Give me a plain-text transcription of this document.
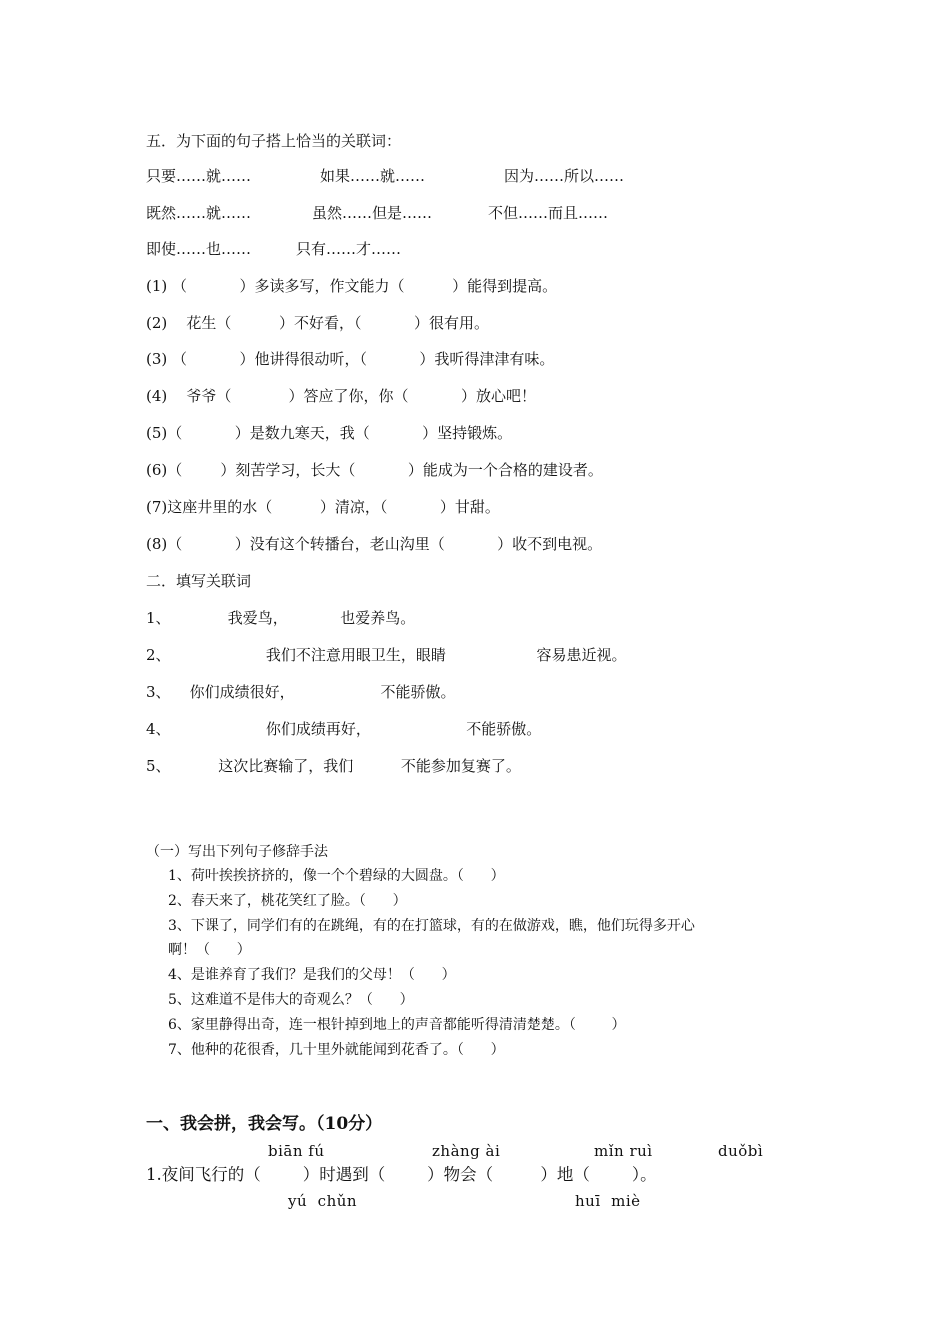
五．为下面的句子搭上恰当的关联词：
只要……就……	如果……就……	因为……所以……
既然……就……	虽然……但是……	不但……而且……
即使……也……	只有……才……
(1) （           ）多读多写，作文能力（          ）能得到提高。
(2)    花生（          ）不好看，（           ）很有用。
(3) （           ）他讲得很动听，（           ）我听得津津有味。
(4)    爷爷（            ）答应了你，你（           ）放心吧！
(5)（           ）是数九寒天，我（           ）坚持锻炼。
(6)（        ）刻苦学习，长大（           ）能成为一个合格的建设者。
(7)这座井里的水（          ）清凉，（           ）甘甜。
(8)（           ）没有这个转播台，老山沟里（           ）收不到电视。
二．填写关联词
1、            我爱鸟，           也爱养鸟。
2、                    我们不注意用眼卫生，眼睛                   容易患近视。
3、    你们成绩很好，                  不能骄傲。
4、                    你们成绩再好，                    不能骄傲。
5、          这次比赛输了，我们          不能参加复赛了。
（一）写出下列句子修辞手法
1、荷叶挨挨挤挤的，像一个个碧绿的大圆盘。（      ）
2、春天来了，桃花笑红了脸。（      ）
3、下课了，同学们有的在跳绳，有的在打篮球，有的在做游戏，瞧，他们玩得多开心
啊！（      ）
4、是谁养育了我们？是我们的父母！（      ）
5、这难道不是伟大的奇观么？（      ）
6、家里静得出奇，连一根针掉到地上的声音都能听得清清楚楚。（        ）
7、他种的花很香，几十里外就能闻到花香了。（      ）
一、我会拼，我会写。（10分）
biān fú	zhàng ài	mǐn ruì	duǒbì
1.夜间飞行的（        ）时遇到（        ）物会（         ）地（        ）。
yú  chǔn	huī  miè
